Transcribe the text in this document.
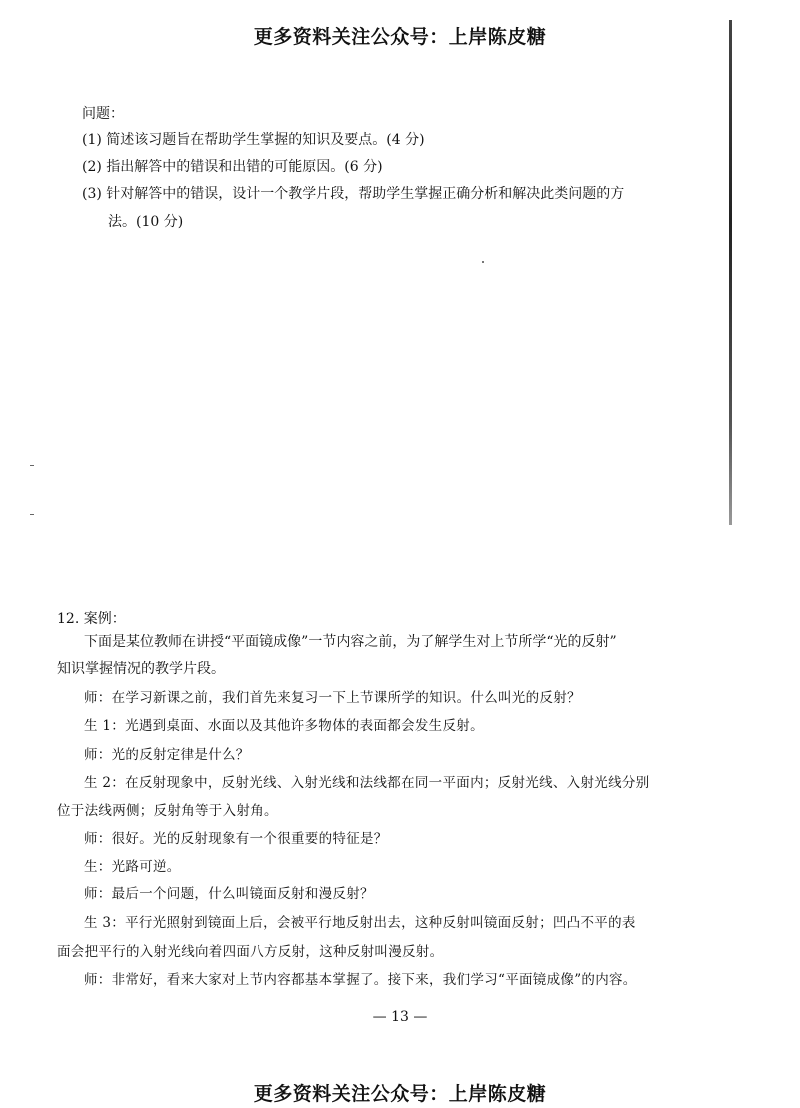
更多资料关注公众号：上岸陈皮糖
问题：
(1) 简述该习题旨在帮助学生掌握的知识及要点。(4 分)
(2) 指出解答中的错误和出错的可能原因。(6 分)
(3) 针对解答中的错误，设计一个教学片段，帮助学生掌握正确分析和解决此类问题的方
法。(10 分)
12. 案例：
下面是某位教师在讲授“平面镜成像”一节内容之前，为了解学生对上节所学“光的反射”
知识掌握情况的教学片段。
师：在学习新课之前，我们首先来复习一下上节课所学的知识。什么叫光的反射？
生 1：光遇到桌面、水面以及其他许多物体的表面都会发生反射。
师：光的反射定律是什么？
生 2：在反射现象中，反射光线、入射光线和法线都在同一平面内；反射光线、入射光线分别
位于法线两侧；反射角等于入射角。
师：很好。光的反射现象有一个很重要的特征是？
生：光路可逆。
师：最后一个问题，什么叫镜面反射和漫反射？
生 3：平行光照射到镜面上后，会被平行地反射出去，这种反射叫镜面反射；凹凸不平的表
面会把平行的入射光线向着四面八方反射，这种反射叫漫反射。
师：非常好，看来大家对上节内容都基本掌握了。接下来，我们学习“平面镜成像”的内容。
— 13 —
更多资料关注公众号：上岸陈皮糖
